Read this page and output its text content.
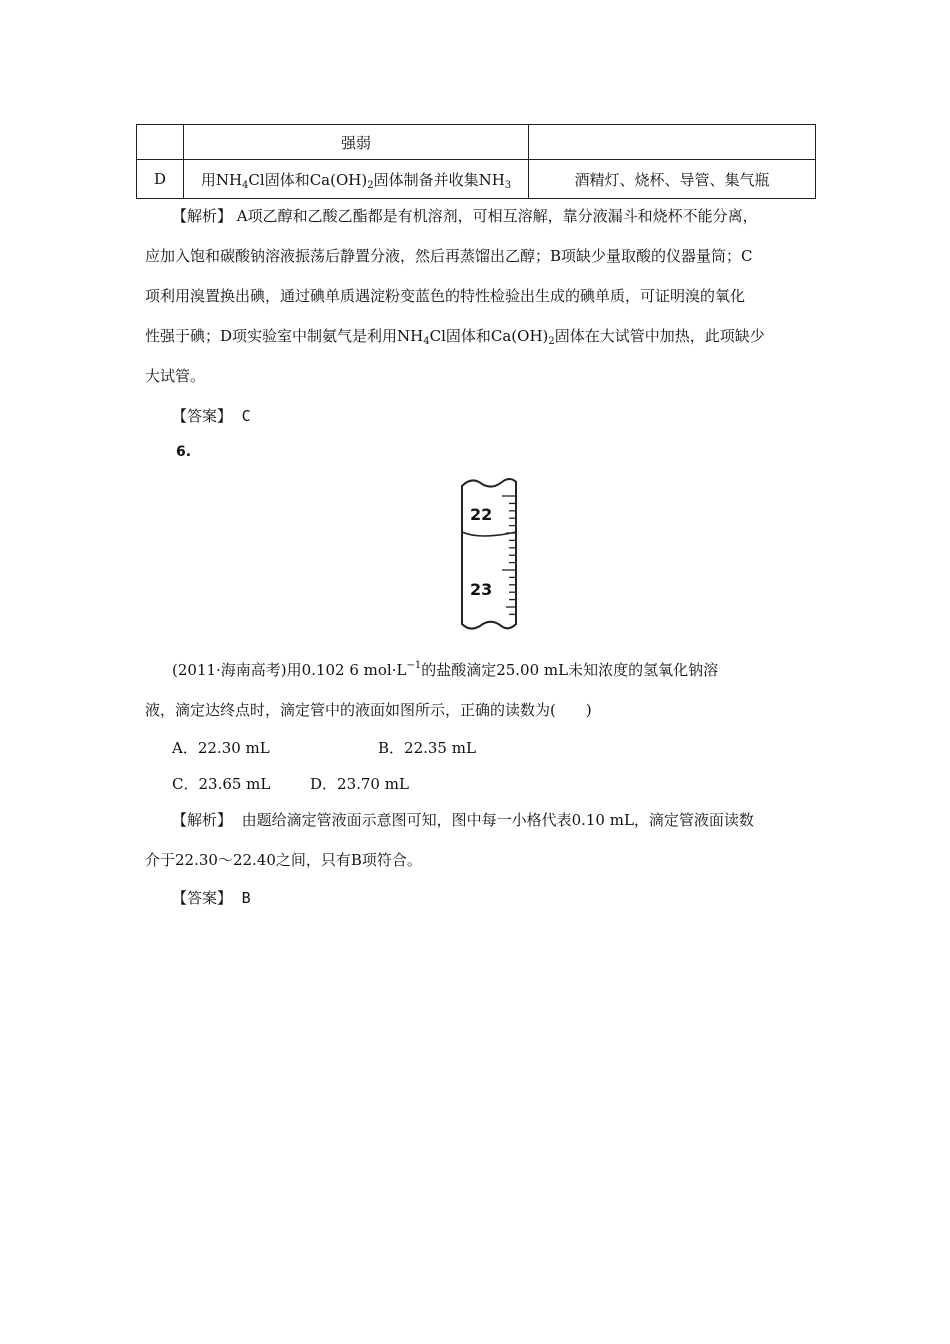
	强弱	
D	用$NH_4Cl$固体和$Ca(OH)_2$固体制备并收集$NH_3$	酒精灯、烧杯、导管、集气瓶
【解析】 A项乙醇和乙酸乙酯都是有机溶剂，可相互溶解，靠分液漏斗和烧杯不能分离，
应加入饱和碳酸钠溶液振荡后静置分液，然后再蒸馏出乙醇；B项缺少量取酸的仪器量筒；C
项利用溴置换出碘，通过碘单质遇淀粉变蓝色的特性检验出生成的碘单质，可证明溴的氧化
性强于碘；D项实验室中制氨气是利用$NH_4Cl$固体和$Ca(OH)_2$固体在大试管中加热，此项缺少
大试管。
【答案】 C
6.
22
23
(2011·海南高考)用0.102 6 $mol\cdot L^{-1}$的盐酸滴定25.00 mL未知浓度的氢氧化钠溶
液，滴定达终点时，滴定管中的液面如图所示，正确的读数为(　　)
A．22.30 mL	B．22.35 mL
C．23.65 mL	D．23.70 mL
【解析】 由题给滴定管液面示意图可知，图中每一小格代表0.10 mL，滴定管液面读数
介于22.30～22.40之间，只有B项符合。
【答案】 B
